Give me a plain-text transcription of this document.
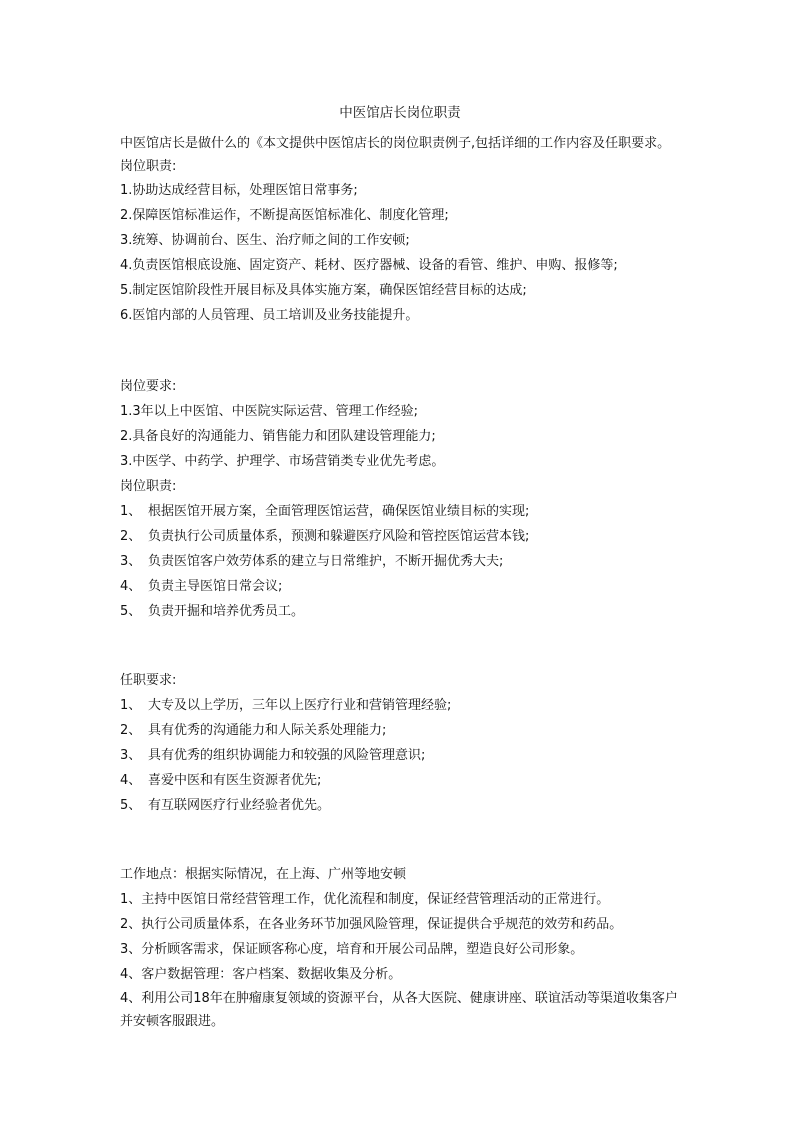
中医馆店长岗位职责
中医馆店长是做什么的《本文提供中医馆店长的岗位职责例子,包括详细的工作内容及任职要求。岗位职责:
1.协助达成经营目标，处理医馆日常事务;
2.保障医馆标准运作，不断提高医馆标准化、制度化管理;
3.统筹、协调前台、医生、治疗师之间的工作安顿;
4.负责医馆根底设施、固定资产、耗材、医疗器械、设备的看管、维护、申购、报修等;
5.制定医馆阶段性开展目标及具体实施方案，确保医馆经营目标的达成;
6.医馆内部的人员管理、员工培训及业务技能提升。
岗位要求:
1.3年以上中医馆、中医院实际运营、管理工作经验;
2.具备良好的沟通能力、销售能力和团队建设管理能力;
3.中医学、中药学、护理学、市场营销类专业优先考虑。
岗位职责:
1、 根据医馆开展方案，全面管理医馆运营，确保医馆业绩目标的实现;
2、 负责执行公司质量体系，预测和躲避医疗风险和管控医馆运营本钱;
3、 负责医馆客户效劳体系的建立与日常维护，不断开掘优秀大夫;
4、 负责主导医馆日常会议;
5、 负责开掘和培养优秀员工。
任职要求:
1、 大专及以上学历，三年以上医疗行业和营销管理经验;
2、 具有优秀的沟通能力和人际关系处理能力;
3、 具有优秀的组织协调能力和较强的风险管理意识;
4、 喜爱中医和有医生资源者优先;
5、 有互联网医疗行业经验者优先。
工作地点：根据实际情况，在上海、广州等地安顿
1、主持中医馆日常经营管理工作，优化流程和制度，保证经营管理活动的正常进行。
2、执行公司质量体系，在各业务环节加强风险管理，保证提供合乎规范的效劳和药品。
3、分析顾客需求，保证顾客称心度，培育和开展公司品牌，塑造良好公司形象。
4、客户数据管理：客户档案、数据收集及分析。
4、利用公司18年在肿瘤康复领域的资源平台，从各大医院、健康讲座、联谊活动等渠道收集客户并安顿客服跟进。
